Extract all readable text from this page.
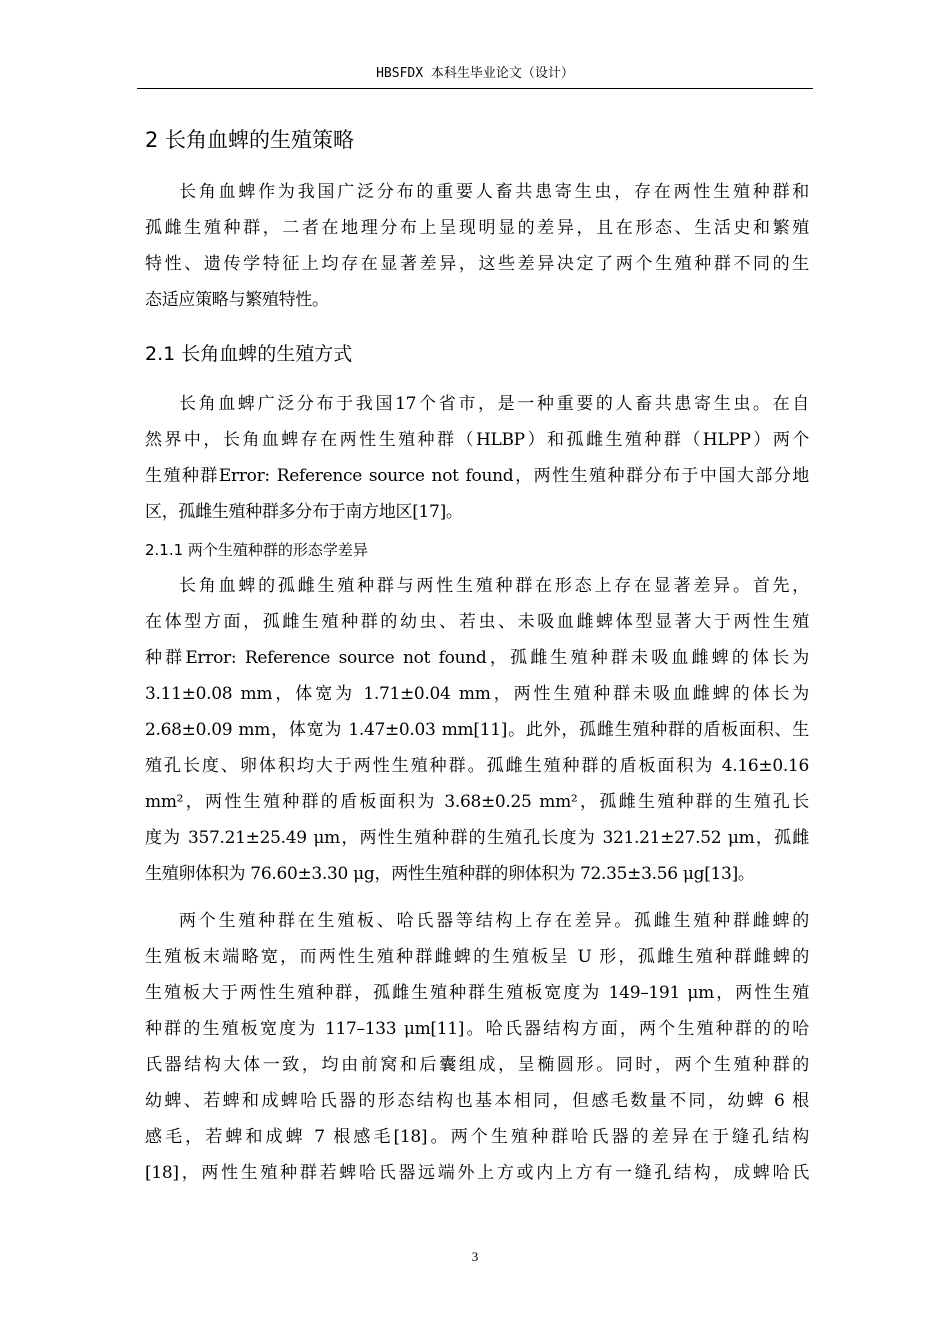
HBSFDX 本科生毕业论文（设计）
2 长角血蜱的生殖策略
长角血蜱作为我国广泛分布的重要人畜共患寄生虫，存在两性生殖种群和
孤雌生殖种群，二者在地理分布上呈现明显的差异，且在形态、生活史和繁殖
特性、遗传学特征上均存在显著差异，这些差异决定了两个生殖种群不同的生
态适应策略与繁殖特性。
2.1 长角血蜱的生殖方式
长角血蜱广泛分布于我国17个省市，是一种重要的人畜共患寄生虫。在自
然界中，长角血蜱存在两性生殖种群（HLBP）和孤雌生殖种群（HLPP）两个
生殖种群Error: Reference source not found，两性生殖种群分布于中国大部分地
区，孤雌生殖种群多分布于南方地区[17]。
2.1.1 两个生殖种群的形态学差异
长角血蜱的孤雌生殖种群与两性生殖种群在形态上存在显著差异。首先，
在体型方面，孤雌生殖种群的幼虫、若虫、未吸血雌蜱体型显著大于两性生殖
种群Error: Reference source not found，孤雌生殖种群未吸血雌蜱的体长为
3.11±0.08 mm，体宽为 1.71±0.04 mm，两性生殖种群未吸血雌蜱的体长为
2.68±0.09 mm，体宽为 1.47±0.03 mm[11]。此外，孤雌生殖种群的盾板面积、生
殖孔长度、卵体积均大于两性生殖种群。孤雌生殖种群的盾板面积为 4.16±0.16
mm²，两性生殖种群的盾板面积为 3.68±0.25 mm²，孤雌生殖种群的生殖孔长
度为 357.21±25.49 μm，两性生殖种群的生殖孔长度为 321.21±27.52 μm，孤雌
生殖卵体积为 76.60±3.30 μg，两性生殖种群的卵体积为 72.35±3.56 μg[13]。
两个生殖种群在生殖板、哈氏器等结构上存在差异。孤雌生殖种群雌蜱的
生殖板末端略宽，而两性生殖种群雌蜱的生殖板呈 U 形，孤雌生殖种群雌蜱的
生殖板大于两性生殖种群，孤雌生殖种群生殖板宽度为 149–191 μm，两性生殖
种群的生殖板宽度为 117–133 μm[11]。哈氏器结构方面，两个生殖种群的的哈
氏器结构大体一致，均由前窝和后囊组成，呈椭圆形。同时，两个生殖种群的
幼蜱、若蜱和成蜱哈氏器的形态结构也基本相同，但感毛数量不同，幼蜱 6 根
感毛，若蜱和成蜱 7 根感毛[18]。两个生殖种群哈氏器的差异在于缝孔结构
[18]，两性生殖种群若蜱哈氏器远端外上方或内上方有一缝孔结构，成蜱哈氏
3
